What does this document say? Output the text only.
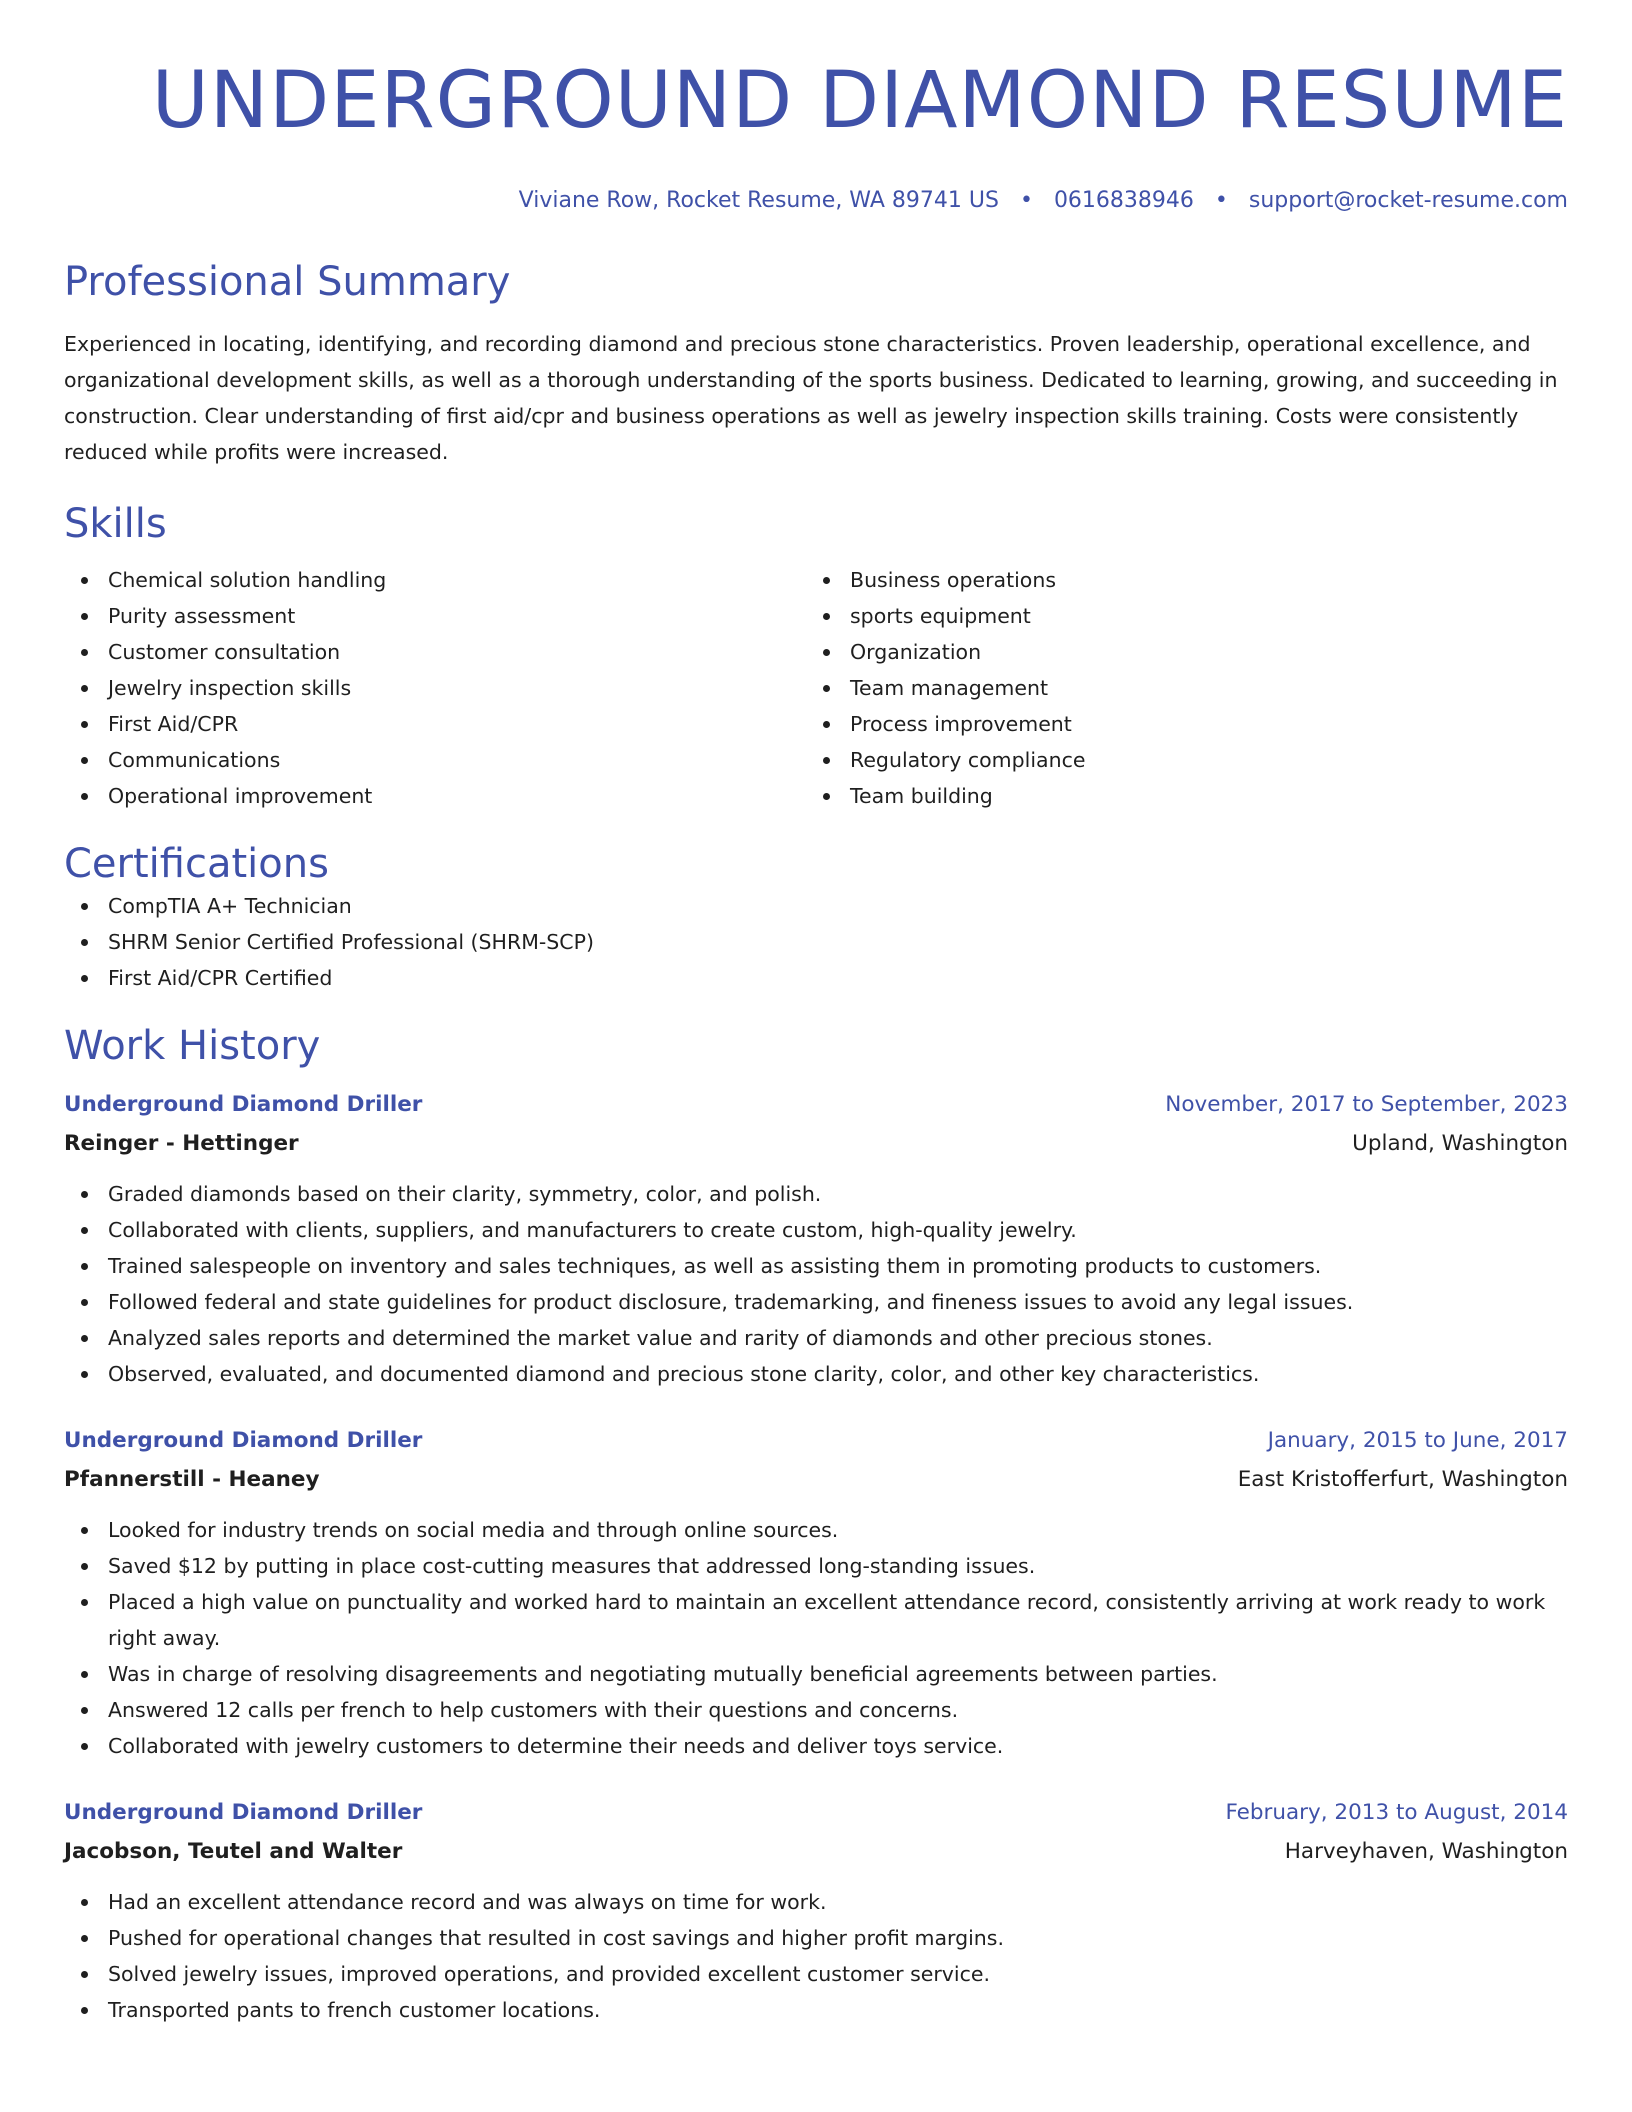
UNDERGROUND DIAMOND RESUME
Viviane Row, Rocket Resume, WA 89741 US • 0616838946 • support@rocket-resume.com
Professional Summary
Experienced in locating, identifying, and recording diamond and precious stone characteristics. Proven leadership, operational excellence, and organizational development skills, as well as a thorough understanding of the sports business. Dedicated to learning, growing, and succeeding in construction. Clear understanding of first aid/cpr and business operations as well as jewelry inspection skills training. Costs were consistently reduced while profits were increased.
Skills
Chemical solution handling
Purity assessment
Customer consultation
Jewelry inspection skills
First Aid/CPR
Communications
Operational improvement
Business operations
sports equipment
Organization
Team management
Process improvement
Regulatory compliance
Team building
Certifications
CompTIA A+ Technician
SHRM Senior Certified Professional (SHRM-SCP)
First Aid/CPR Certified
Work History
Underground Diamond Driller	November, 2017 to September, 2023
Reinger - Hettinger	Upland, Washington
Graded diamonds based on their clarity, symmetry, color, and polish.
Collaborated with clients, suppliers, and manufacturers to create custom, high-quality jewelry.
Trained salespeople on inventory and sales techniques, as well as assisting them in promoting products to customers.
Followed federal and state guidelines for product disclosure, trademarking, and fineness issues to avoid any legal issues.
Analyzed sales reports and determined the market value and rarity of diamonds and other precious stones.
Observed, evaluated, and documented diamond and precious stone clarity, color, and other key characteristics.
Underground Diamond Driller	January, 2015 to June, 2017
Pfannerstill - Heaney	East Kristofferfurt, Washington
Looked for industry trends on social media and through online sources.
Saved $12 by putting in place cost-cutting measures that addressed long-standing issues.
Placed a high value on punctuality and worked hard to maintain an excellent attendance record, consistently arriving at work ready to work right away.
Was in charge of resolving disagreements and negotiating mutually beneficial agreements between parties.
Answered 12 calls per french to help customers with their questions and concerns.
Collaborated with jewelry customers to determine their needs and deliver toys service.
Underground Diamond Driller	February, 2013 to August, 2014
Jacobson, Teutel and Walter	Harveyhaven, Washington
Had an excellent attendance record and was always on time for work.
Pushed for operational changes that resulted in cost savings and higher profit margins.
Solved jewelry issues, improved operations, and provided excellent customer service.
Transported pants to french customer locations.
